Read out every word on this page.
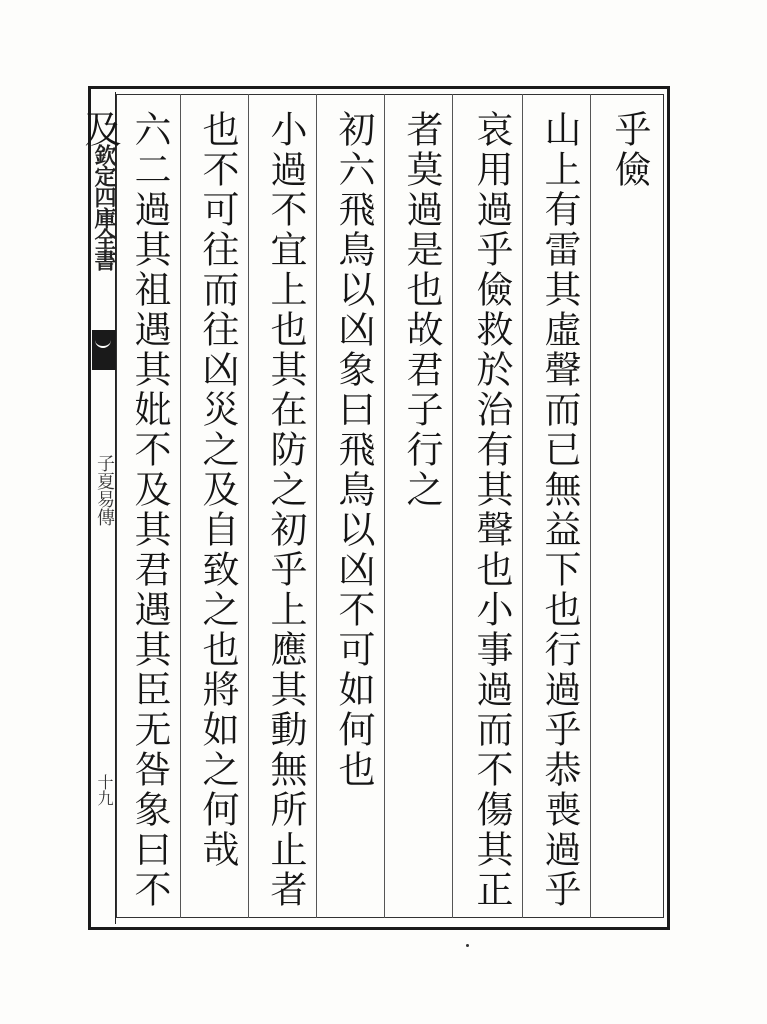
欽定四庫全書
子夏易傳
十九
乎儉
山上有雷其虛聲而已無益下也行過乎恭喪過乎
哀用過乎儉救於治有其聲也小事過而不傷其正
者莫過是也故君子行之
初六飛鳥以凶象曰飛鳥以凶不可如何也
小過不宜上也其在防之初乎上應其動無所止者
也不可往而往凶災之及自致之也將如之何哉
六二過其祖遇其妣不及其君遇其臣无咎象曰不及
